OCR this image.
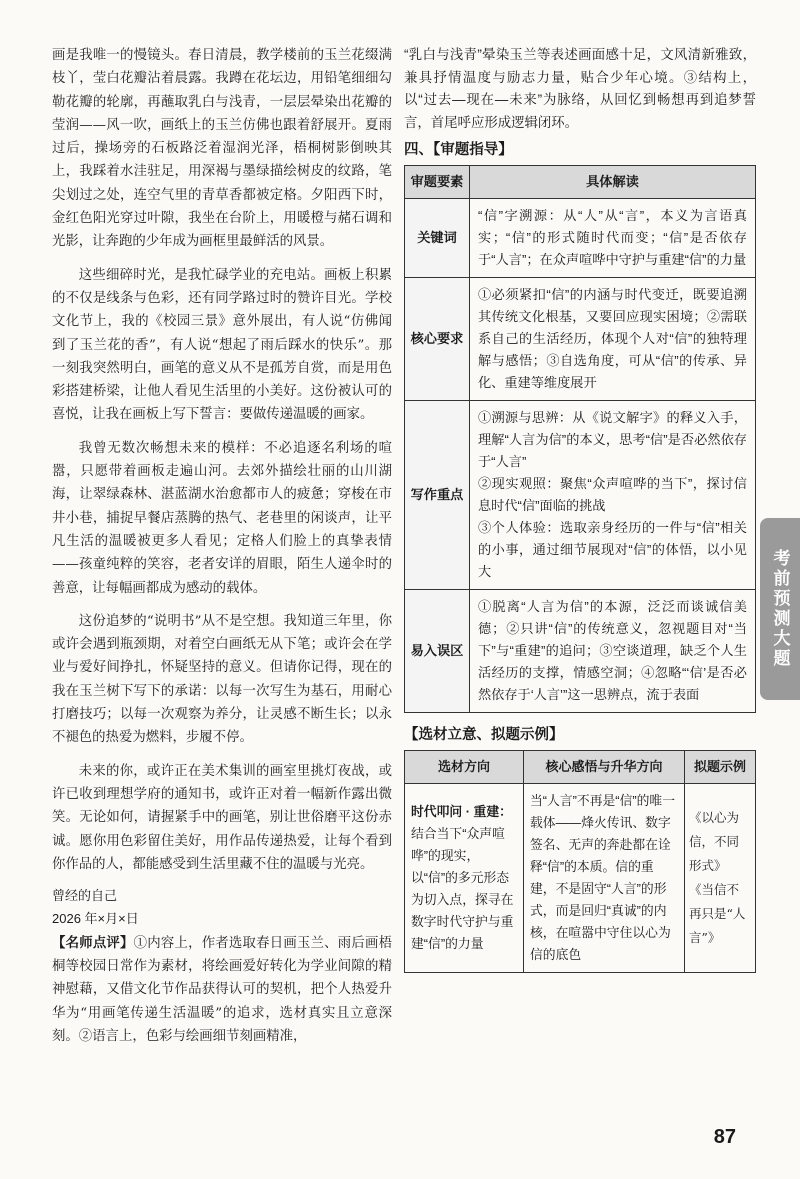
画是我唯一的慢镜头。春日清晨，教学楼前的玉兰花缀满枝丫，莹白花瓣沾着晨露。我蹲在花坛边，用铅笔细细勾勒花瓣的轮廓，再蘸取乳白与浅青，一层层晕染出花瓣的莹润——风一吹，画纸上的玉兰仿佛也跟着舒展开。夏雨过后，操场旁的石板路泛着湿润光泽，梧桐树影倒映其上，我踩着水洼驻足，用深褐与墨绿描绘树皮的纹路，笔尖划过之处，连空气里的青草香都被定格。夕阳西下时，金红色阳光穿过叶隙，我坐在台阶上，用暖橙与赭石调和光影，让奔跑的少年成为画框里最鲜活的风景。

这些细碎时光，是我忙碌学业的充电站。画板上积累的不仅是线条与色彩，还有同学路过时的赞许目光。学校文化节上，我的《校园三景》意外展出，有人说“仿佛闻到了玉兰花的香”，有人说“想起了雨后踩水的快乐”。那一刻我突然明白，画笔的意义从不是孤芳自赏，而是用色彩搭建桥梁，让他人看见生活里的小美好。这份被认可的喜悦，让我在画板上写下誓言：要做传递温暖的画家。

我曾无数次畅想未来的模样：不必追逐名利场的喧嚣，只愿带着画板走遍山河。去郊外描绘壮丽的山川湖海，让翠绿森林、湛蓝湖水治愈都市人的疲惫；穿梭在市井小巷，捕捉早餐店蒸腾的热气、老巷里的闲谈声，让平凡生活的温暖被更多人看见；定格人们脸上的真挚表情——孩童纯粹的笑容，老者安详的眉眼，陌生人递伞时的善意，让每幅画都成为感动的载体。

这份追梦的“说明书”从不是空想。我知道三年里，你或许会遇到瓶颈期，对着空白画纸无从下笔；或许会在学业与爱好间挣扎，怀疑坚持的意义。但请你记得，现在的我在玉兰树下写下的承诺：以每一次写生为基石，用耐心打磨技巧；以每一次观察为养分，让灵感不断生长；以永不褪色的热爱为燃料，步履不停。

未来的你，或许正在美术集训的画室里挑灯夜战，或许已收到理想学府的通知书，或许正对着一幅新作露出微笑。无论如何，请握紧手中的画笔，别让世俗磨平这份赤诚。愿你用色彩留住美好，用作品传递热爱，让每个看到你作品的人，都能感受到生活里藏不住的温暖与光亮。

曾经的自己

2026 年×月×日

【名师点评】①内容上，作者选取春日画玉兰、雨后画梧桐等校园日常作为素材，将绘画爱好转化为学业间隙的精神慰藉，又借文化节作品获得认可的契机，把个人热爱升华为“用画笔传递生活温暖”的追求，选材真实且立意深刻。②语言上，色彩与绘画细节刻画精准，

“乳白与浅青”晕染玉兰等表述画面感十足，文风清新雅致，兼具抒情温度与励志力量，贴合少年心境。③结构上，以“过去—现在—未来”为脉络，从回忆到畅想再到追梦誓言，首尾呼应形成逻辑闭环。

四、【审题指导】
审题要素	具体解读
关键词	“信”字溯源：从“人”从“言”，本义为言语真实；“信”的形式随时代而变；“信”是否依存于“人言”；在众声喧哗中守护与重建“信”的力量

核心要求	①必须紧扣“信”的内涵与时代变迁，既要追溯其传统文化根基，又要回应现实困境；②需联系自己的生活经历，体现个人对“信”的独特理解与感悟；③自选角度，可从“信”的传承、异化、重建等维度展开

写作重点	①溯源与思辨：从《说文解字》的释义入手，理解“人言为信”的本义，思考“信”是否必然依存于“人言”
②现实观照：聚焦“众声喧哗的当下”，探讨信息时代“信”面临的挑战
③个人体验：选取亲身经历的一件与“信”相关的小事，通过细节展现对“信”的体悟，以小见大

易入误区	①脱离“人言为信”的本源，泛泛而谈诚信美德；②只讲“信”的传统意义，忽视题目对“当下”与“重建”的追问；③空谈道理，缺乏个人生活经历的支撑，情感空洞；④忽略“‘信’是否必然依存于‘人言’”这一思辨点，流于表面
【选材立意、拟题示例】
选材方向	核心感悟与升华方向	拟题示例
时代叩问 · 重建：结合当下“众声喧哗”的现实，以“信”的多元形态为切入点，探寻在数字时代守护与重建“信”的力量	当“人言”不再是“信”的唯一载体——烽火传讯、数字签名、无声的奔赴都在诠释“信”的本质。信的重建，不是固守“人言”的形式，而是回归“真诚”的内核，在喧嚣中守住以心为信的底色	《以心为信，不同形式》
《当信不再只是“人言”》
考前预测大题
87
